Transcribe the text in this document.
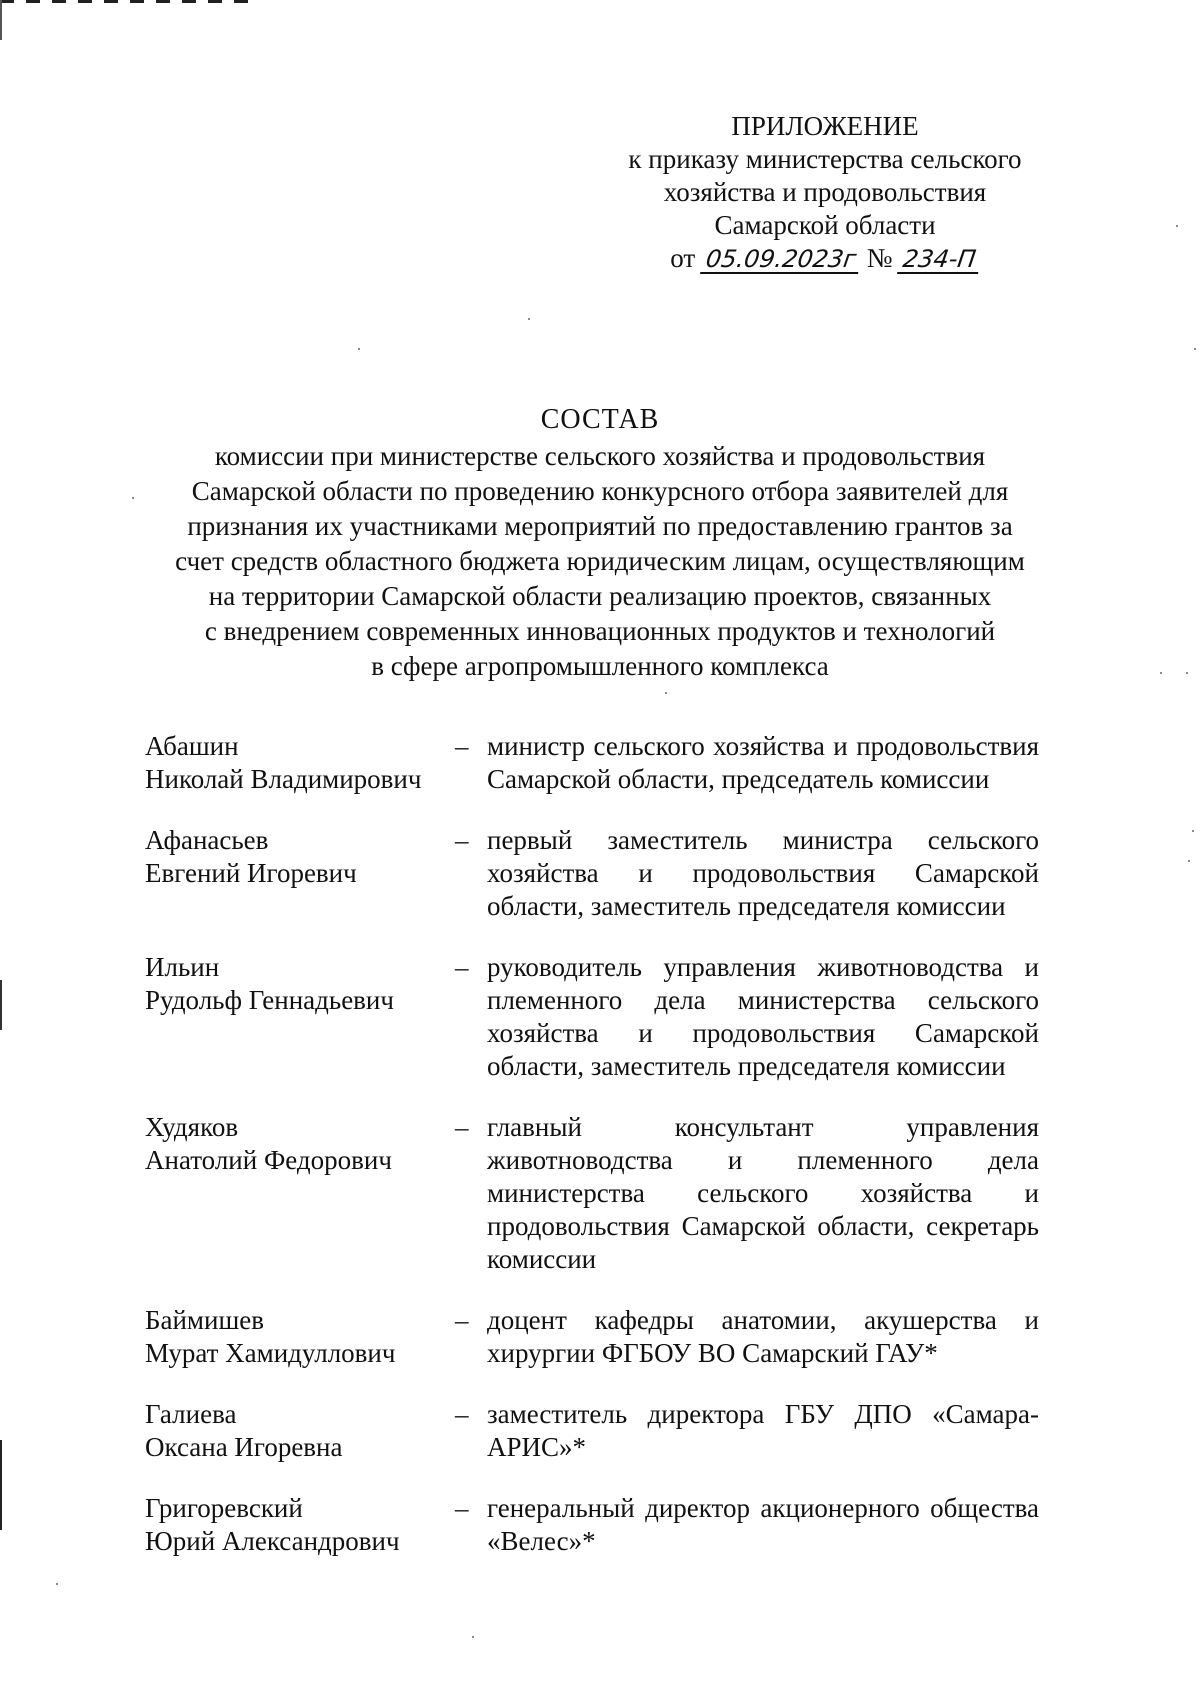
ПРИЛОЖЕНИЕ
к приказу министерства сельского
хозяйства и продовольствия
Самарской области
от 05.09.2023г № 234-П
СОСТАВ
комиссии при министерстве сельского хозяйства и продовольствия
Самарской области по проведению конкурсного отбора заявителей для
признания их участниками мероприятий по предоставлению грантов за
счет средств областного бюджета юридическим лицам, осуществляющим
на территории Самарской области реализацию проектов, связанных
с внедрением современных инновационных продуктов и технологий
в сфере агропромышленного комплекса
Абашин
Николай Владимирович
– министр сельского хозяйства и продовольствия Самарской области, председатель комиссии
Афанасьев
Евгений Игоревич
– первый заместитель министра сельского хозяйства и продовольствия Самарской области, заместитель председателя комиссии
Ильин
Рудольф Геннадьевич
– руководитель управления животноводства и племенного дела министерства сельского хозяйства и продовольствия Самарской области, заместитель председателя комиссии
Худяков
Анатолий Федорович
– главный консультант управления животноводства и племенного дела министерства сельского хозяйства и продовольствия Самарской области, секретарь комиссии
Баймишев
Мурат Хамидуллович
– доцент кафедры анатомии, акушерства и хирургии ФГБОУ ВО Самарский ГАУ*
Галиева
Оксана Игоревна
– заместитель директора ГБУ ДПО «Самара-АРИС»*
Григоревский
Юрий Александрович
– генеральный директор акционерного общества «Велес»*
